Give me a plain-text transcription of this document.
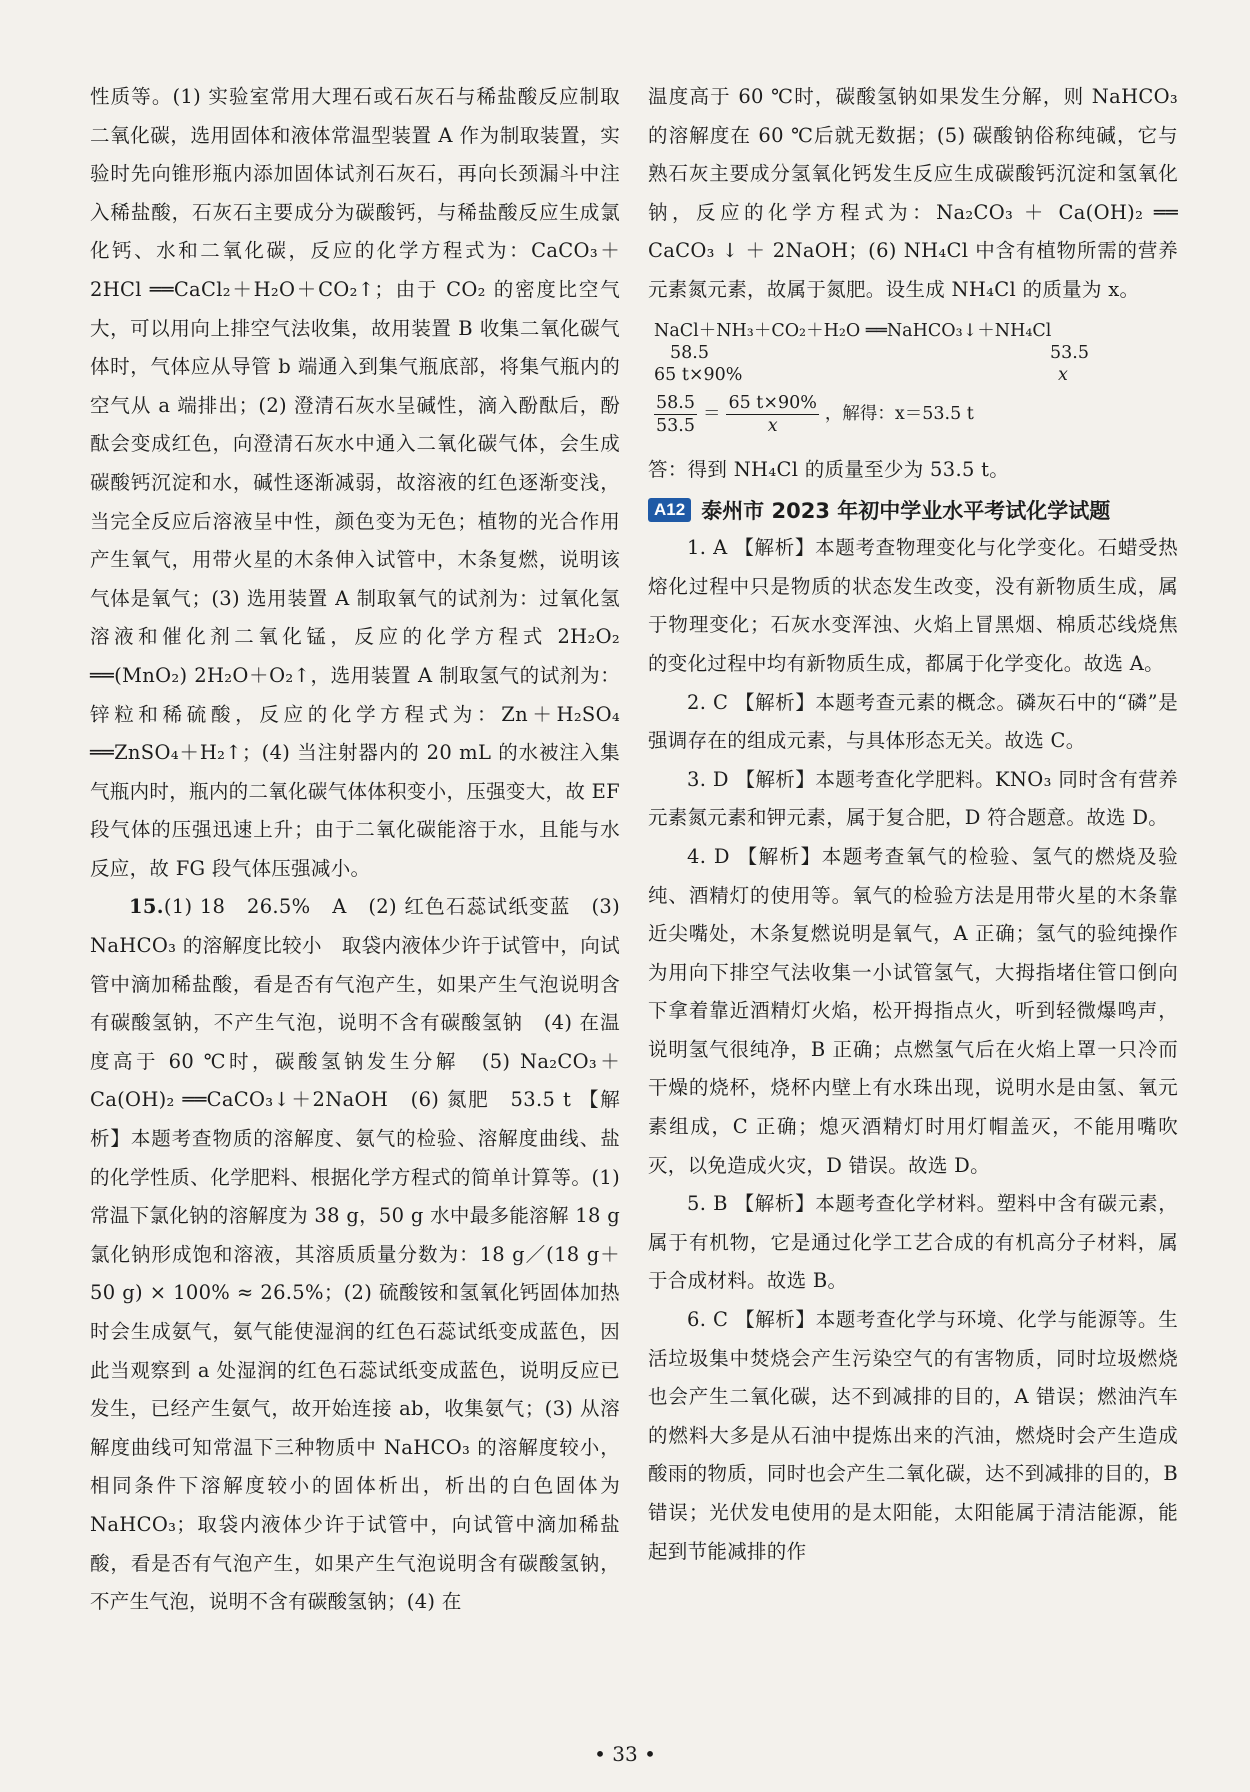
性质等。(1) 实验室常用大理石或石灰石与稀盐酸反应制取二氧化碳，选用固体和液体常温型装置 A 作为制取装置，实验时先向锥形瓶内添加固体试剂石灰石，再向长颈漏斗中注入稀盐酸，石灰石主要成分为碳酸钙，与稀盐酸反应生成氯化钙、水和二氧化碳，反应的化学方程式为：CaCO₃＋2HCl ══CaCl₂＋H₂O＋CO₂↑；由于 CO₂ 的密度比空气大，可以用向上排空气法收集，故用装置 B 收集二氧化碳气体时，气体应从导管 b 端通入到集气瓶底部，将集气瓶内的空气从 a 端排出；(2) 澄清石灰水呈碱性，滴入酚酞后，酚酞会变成红色，向澄清石灰水中通入二氧化碳气体，会生成碳酸钙沉淀和水，碱性逐渐减弱，故溶液的红色逐渐变浅，当完全反应后溶液呈中性，颜色变为无色；植物的光合作用产生氧气，用带火星的木条伸入试管中，木条复燃，说明该气体是氧气；(3) 选用装置 A 制取氧气的试剂为：过氧化氢溶液和催化剂二氧化锰，反应的化学方程式 2H₂O₂ ══(MnO₂) 2H₂O＋O₂↑，选用装置 A 制取氢气的试剂为：锌粒和稀硫酸，反应的化学方程式为：Zn＋H₂SO₄ ══ZnSO₄＋H₂↑；(4) 当注射器内的 20 mL 的水被注入集气瓶内时，瓶内的二氧化碳气体体积变小，压强变大，故 EF 段气体的压强迅速上升；由于二氧化碳能溶于水，且能与水反应，故 FG 段气体压强减小。

15.(1) 18　26.5%　A　(2) 红色石蕊试纸变蓝　(3) NaHCO₃ 的溶解度比较小　取袋内液体少许于试管中，向试管中滴加稀盐酸，看是否有气泡产生，如果产生气泡说明含有碳酸氢钠，不产生气泡，说明不含有碳酸氢钠　(4) 在温度高于 60 ℃时，碳酸氢钠发生分解　(5) Na₂CO₃＋Ca(OH)₂ ══CaCO₃↓＋2NaOH　(6) 氮肥　53.5 t 【解析】本题考查物质的溶解度、氨气的检验、溶解度曲线、盐的化学性质、化学肥料、根据化学方程式的简单计算等。(1) 常温下氯化钠的溶解度为 38 g，50 g 水中最多能溶解 18 g 氯化钠形成饱和溶液，其溶质质量分数为：18 g／(18 g＋50 g) × 100% ≈ 26.5%；(2) 硫酸铵和氢氧化钙固体加热时会生成氨气，氨气能使湿润的红色石蕊试纸变成蓝色，因此当观察到 a 处湿润的红色石蕊试纸变成蓝色，说明反应已发生，已经产生氨气，故开始连接 ab，收集氨气；(3) 从溶解度曲线可知常温下三种物质中 NaHCO₃ 的溶解度较小，相同条件下溶解度较小的固体析出，析出的白色固体为 NaHCO₃；取袋内液体少许于试管中，向试管中滴加稀盐酸，看是否有气泡产生，如果产生气泡说明含有碳酸氢钠，不产生气泡，说明不含有碳酸氢钠；(4) 在

温度高于 60 ℃时，碳酸氢钠如果发生分解，则 NaHCO₃ 的溶解度在 60 ℃后就无数据；(5) 碳酸钠俗称纯碱，它与熟石灰主要成分氢氧化钙发生反应生成碳酸钙沉淀和氢氧化钠，反应的化学方程式为：Na₂CO₃ ＋ Ca(OH)₂ ══ CaCO₃ ↓ ＋ 2NaOH；(6) NH₄Cl 中含有植物所需的营养元素氮元素，故属于氮肥。设生成 NH₄Cl 的质量为 x。

NaCl＋NH₃＋CO₂＋H₂O ══NaHCO₃↓＋NH₄Cl
58.5	53.5
65 t×90%	x
$\frac{58.5}{53.5} = \frac{65 t\times 90\%}{x}$ ，解得：x＝53.5 t

答：得到 NH₄Cl 的质量至少为 53.5 t。

A12 泰州市 2023 年初中学业水平考试化学试题

1. A 【解析】本题考查物理变化与化学变化。石蜡受热熔化过程中只是物质的状态发生改变，没有新物质生成，属于物理变化；石灰水变浑浊、火焰上冒黑烟、棉质芯线烧焦的变化过程中均有新物质生成，都属于化学变化。故选 A。

2. C 【解析】本题考查元素的概念。磷灰石中的“磷”是强调存在的组成元素，与具体形态无关。故选 C。

3. D 【解析】本题考查化学肥料。KNO₃ 同时含有营养元素氮元素和钾元素，属于复合肥，D 符合题意。故选 D。

4. D 【解析】本题考查氧气的检验、氢气的燃烧及验纯、酒精灯的使用等。氧气的检验方法是用带火星的木条靠近尖嘴处，木条复燃说明是氧气，A 正确；氢气的验纯操作为用向下排空气法收集一小试管氢气，大拇指堵住管口倒向下拿着靠近酒精灯火焰，松开拇指点火，听到轻微爆鸣声，说明氢气很纯净，B 正确；点燃氢气后在火焰上罩一只冷而干燥的烧杯，烧杯内壁上有水珠出现，说明水是由氢、氧元素组成，C 正确；熄灭酒精灯时用灯帽盖灭，不能用嘴吹灭，以免造成火灾，D 错误。故选 D。

5. B 【解析】本题考查化学材料。塑料中含有碳元素，属于有机物，它是通过化学工艺合成的有机高分子材料，属于合成材料。故选 B。

6. C 【解析】本题考查化学与环境、化学与能源等。生活垃圾集中焚烧会产生污染空气的有害物质，同时垃圾燃烧也会产生二氧化碳，达不到减排的目的，A 错误；燃油汽车的燃料大多是从石油中提炼出来的汽油，燃烧时会产生造成酸雨的物质，同时也会产生二氧化碳，达不到减排的目的，B 错误；光伏发电使用的是太阳能，太阳能属于清洁能源，能起到节能减排的作

• 33 •
